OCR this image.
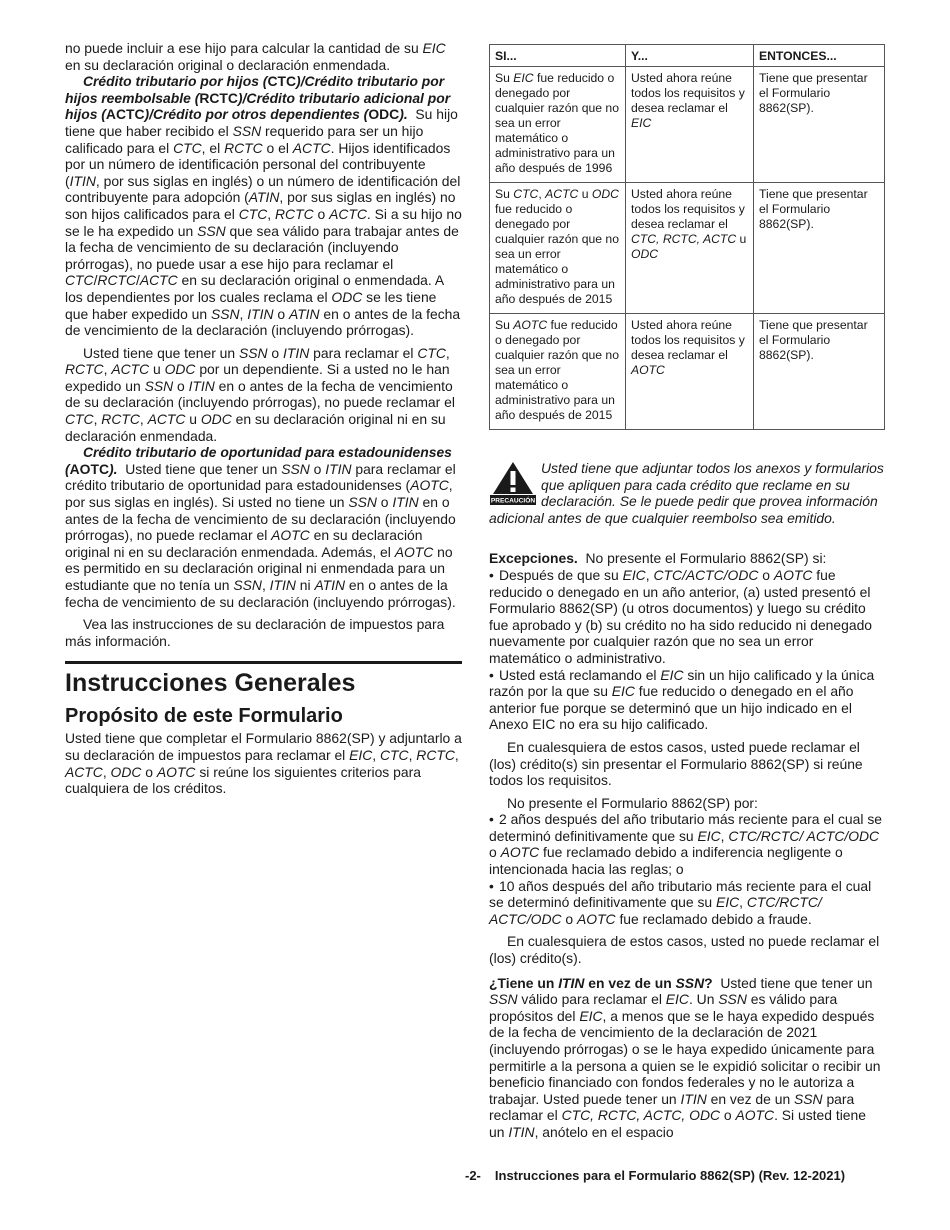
no puede incluir a ese hijo para calcular la cantidad de su EIC en su declaración original o declaración enmendada.

Crédito tributario por hijos (CTC)/Crédito tributario por hijos reembolsable (RCTC)/Crédito tributario adicional por hijos (ACTC)/Crédito por otros dependientes (ODC).  Su hijo tiene que haber recibido el SSN requerido para ser un hijo calificado para el CTC, el RCTC o el ACTC. Hijos identificados por un número de identificación personal del contribuyente (ITIN, por sus siglas en inglés) o un número de identificación del contribuyente para adopción (ATIN, por sus siglas en inglés) no son hijos calificados para el CTC, RCTC o ACTC. Si a su hijo no se le ha expedido un SSN que sea válido para trabajar antes de la fecha de vencimiento de su declaración (incluyendo prórrogas), no puede usar a ese hijo para reclamar el CTC/RCTC/ACTC en su declaración original o enmendada. A los dependientes por los cuales reclama el ODC se les tiene que haber expedido un SSN, ITIN o ATIN en o antes de la fecha de vencimiento de la declaración (incluyendo prórrogas).

Usted tiene que tener un SSN o ITIN para reclamar el CTC, RCTC, ACTC u ODC por un dependiente. Si a usted no le han expedido un SSN o ITIN en o antes de la fecha de vencimiento de su declaración (incluyendo prórrogas), no puede reclamar el CTC, RCTC, ACTC u ODC en su declaración original ni en su declaración enmendada.

Crédito tributario de oportunidad para estadounidenses (AOTC).  Usted tiene que tener un SSN o ITIN para reclamar el crédito tributario de oportunidad para estadounidenses (AOTC, por sus siglas en inglés). Si usted no tiene un SSN o ITIN en o antes de la fecha de vencimiento de su declaración (incluyendo prórrogas), no puede reclamar el AOTC en su declaración original ni en su declaración enmendada. Además, el AOTC no es permitido en su declaración original ni enmendada para un estudiante que no tenía un SSN, ITIN ni ATIN en o antes de la fecha de vencimiento de su declaración (incluyendo prórrogas).

Vea las instrucciones de su declaración de impuestos para más información.

Instrucciones Generales
Propósito de este Formulario

Usted tiene que completar el Formulario 8862(SP) y adjuntarlo a su declaración de impuestos para reclamar el EIC, CTC, RCTC, ACTC, ODC o AOTC si reúne los siguientes criterios para cualquiera de los créditos.

SI...	Y...	ENTONCES...
Su EIC fue reducido o denegado por cualquier razón que no sea un error matemático o administrativo para un año después de 1996	Usted ahora reúne todos los requisitos y desea reclamar el EIC	Tiene que presentar el Formulario 8862(SP).
Su CTC, ACTC u ODC fue reducido o denegado por cualquier razón que no sea un error matemático o administrativo para un año después de 2015	Usted ahora reúne todos los requisitos y desea reclamar el CTC, RCTC, ACTC u ODC	Tiene que presentar el Formulario 8862(SP).
Su AOTC fue reducido o denegado por cualquier razón que no sea un error matemático o administrativo para un año después de 2015	Usted ahora reúne todos los requisitos y desea reclamar el AOTC	Tiene que presentar el Formulario 8862(SP).
PRECAUCIÓN

Usted tiene que adjuntar todos los anexos y formularios que apliquen para cada crédito que reclame en su declaración. Se le puede pedir que provea información adicional antes de que cualquier reembolso sea emitido.

Excepciones.  No presente el Formulario 8862(SP) si:

• Después de que su EIC, CTC/ACTC/ODC o AOTC fue reducido o denegado en un año anterior, (a) usted presentó el Formulario 8862(SP) (u otros documentos) y luego su crédito fue aprobado y (b) su crédito no ha sido reducido ni denegado nuevamente por cualquier razón que no sea un error matemático o administrativo.

• Usted está reclamando el EIC sin un hijo calificado y la única razón por la que su EIC fue reducido o denegado en el año anterior fue porque se determinó que un hijo indicado en el Anexo EIC no era su hijo calificado.

En cualesquiera de estos casos, usted puede reclamar el (los) crédito(s) sin presentar el Formulario 8862(SP) si reúne todos los requisitos.

No presente el Formulario 8862(SP) por:

• 2 años después del año tributario más reciente para el cual se determinó definitivamente que su EIC, CTC/RCTC/ ACTC/ODC o AOTC fue reclamado debido a indiferencia negligente o intencionada hacia las reglas; o

• 10 años después del año tributario más reciente para el cual se determinó definitivamente que su EIC, CTC/RCTC/ ACTC/ODC o AOTC fue reclamado debido a fraude.

En cualesquiera de estos casos, usted no puede reclamar el (los) crédito(s).

¿Tiene un ITIN en vez de un SSN?  Usted tiene que tener un SSN válido para reclamar el EIC. Un SSN es válido para propósitos del EIC, a menos que se le haya expedido después de la fecha de vencimiento de la declaración de 2021 (incluyendo prórrogas) o se le haya expedido únicamente para permitirle a la persona a quien se le expidió solicitar o recibir un beneficio financiado con fondos federales y no le autoriza a trabajar. Usted puede tener un ITIN en vez de un SSN para reclamar el CTC, RCTC, ACTC, ODC o AOTC. Si usted tiene un ITIN, anótelo en el espacio

-2- Instrucciones para el Formulario 8862(SP) (Rev. 12-2021)
